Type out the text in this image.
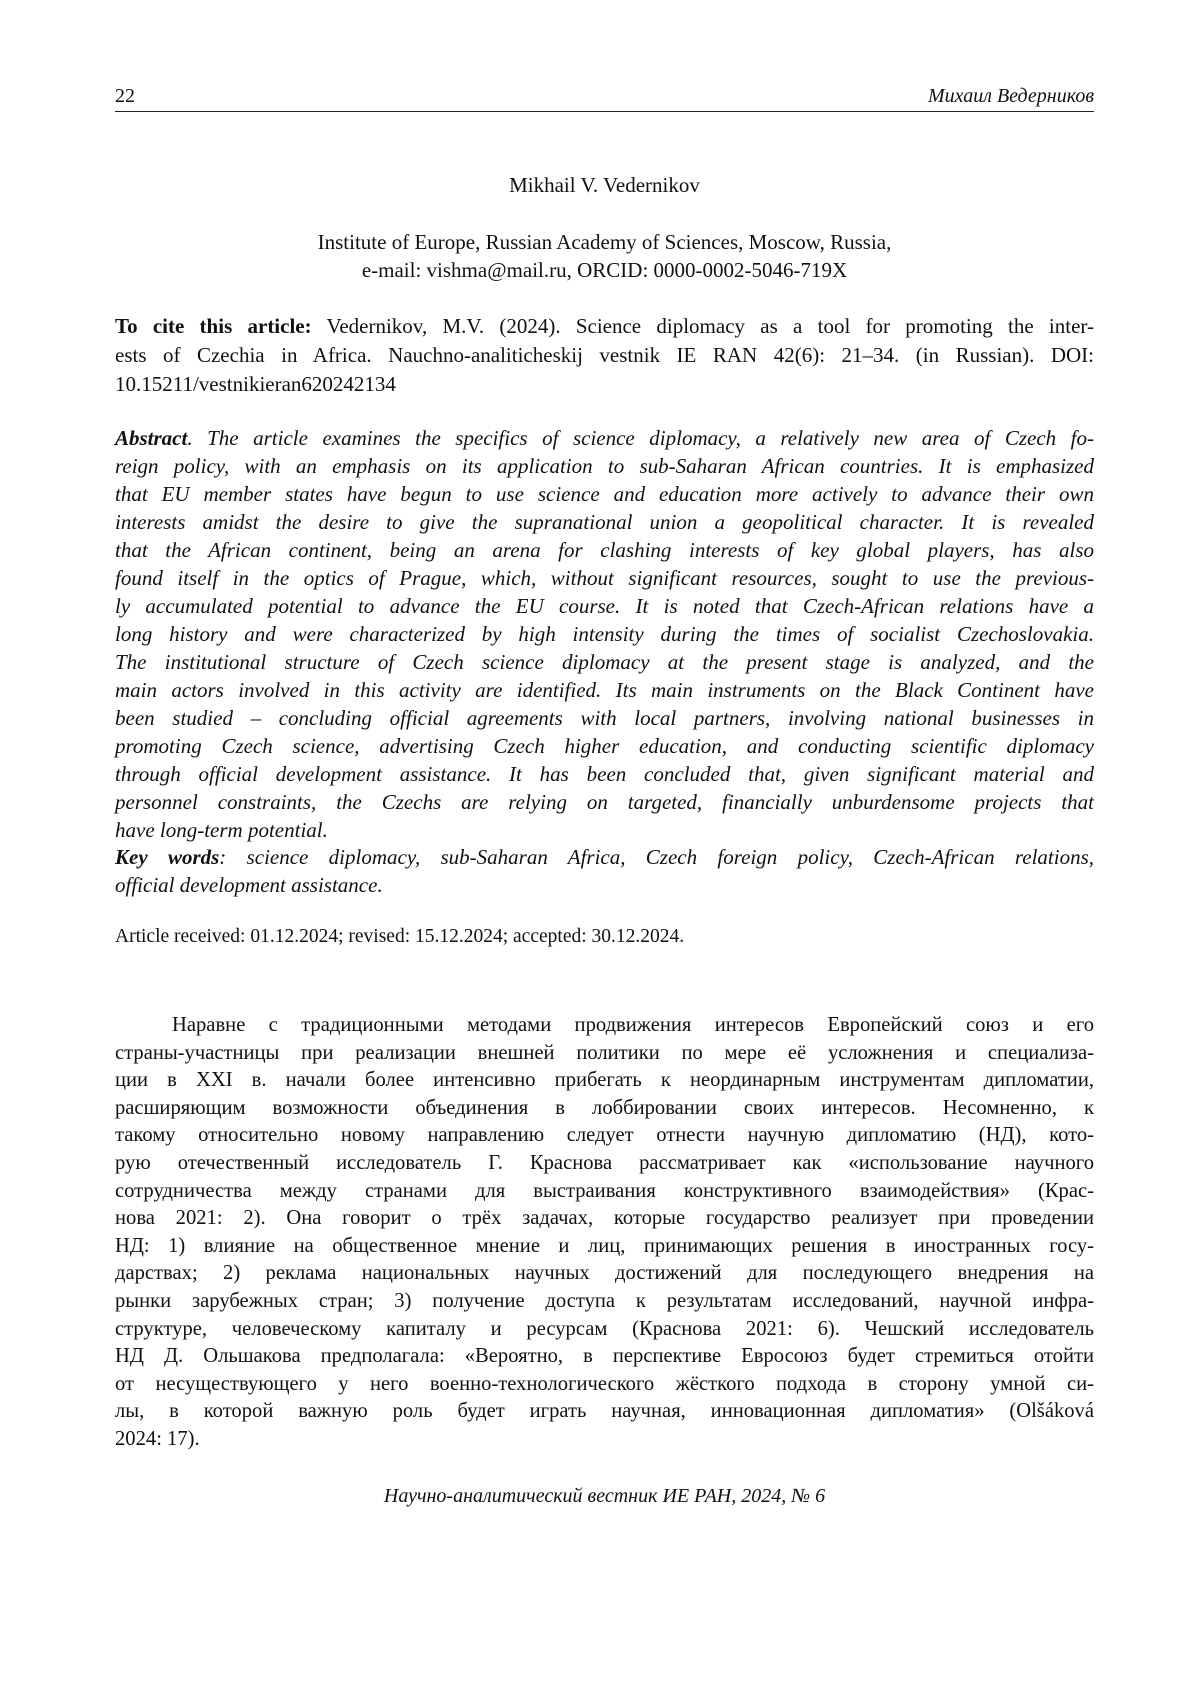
22	Михаил Ведерников
Mikhail V. Vedernikov
Institute of Europe, Russian Academy of Sciences, Moscow, Russia,
e-mail: vishma@mail.ru, ORCID: 0000-0002-5046-719X
To cite this article: Vedernikov, M.V. (2024). Science diplomacy as a tool for promoting the inter-
ests of Czechia in Africa. Nauchno-analiticheskij vestnik IE RAN 42(6): 21–34. (in Russian). DOI:
10.15211/vestnikieran620242134
Abstract. The article examines the specifics of science diplomacy, a relatively new area of Czech fo-
reign policy, with an emphasis on its application to sub-Saharan African countries. It is emphasized
that EU member states have begun to use science and education more actively to advance their own
interests amidst the desire to give the supranational union a geopolitical character. It is revealed
that the African continent, being an arena for clashing interests of key global players, has also
found itself in the optics of Prague, which, without significant resources, sought to use the previous-
ly accumulated potential to advance the EU course. It is noted that Czech-African relations have a
long history and were characterized by high intensity during the times of socialist Czechoslovakia.
The institutional structure of Czech science diplomacy at the present stage is analyzed, and the
main actors involved in this activity are identified. Its main instruments on the Black Continent have
been studied – concluding official agreements with local partners, involving national businesses in
promoting Czech science, advertising Czech higher education, and conducting scientific diplomacy
through official development assistance. It has been concluded that, given significant material and
personnel constraints, the Czechs are relying on targeted, financially unburdensome projects that
have long-term potential.
Key words: science diplomacy, sub-Saharan Africa, Czech foreign policy, Czech-African relations,
official development assistance.
Article received: 01.12.2024; revised: 15.12.2024; accepted: 30.12.2024.
Наравне с традиционными методами продвижения интересов Европейский союз и его
страны-участницы при реализации внешней политики по мере её усложнения и специализа-
ции в XXI в. начали более интенсивно прибегать к неординарным инструментам дипломатии,
расширяющим возможности объединения в лоббировании своих интересов. Несомненно, к
такому относительно новому направлению следует отнести научную дипломатию (НД), кото-
рую отечественный исследователь Г. Краснова рассматривает как «использование научного
сотрудничества между странами для выстраивания конструктивного взаимодействия» (Крас-
нова 2021: 2). Она говорит о трёх задачах, которые государство реализует при проведении
НД: 1) влияние на общественное мнение и лиц, принимающих решения в иностранных госу-
дарствах; 2) реклама национальных научных достижений для последующего внедрения на
рынки зарубежных стран; 3) получение доступа к результатам исследований, научной инфра-
структуре, человеческому капиталу и ресурсам (Краснова 2021: 6). Чешский исследователь
НД Д. Ольшакова предполагала: «Вероятно, в перспективе Евросоюз будет стремиться отойти
от несуществующего у него военно-технологического жёсткого подхода в сторону умной си-
лы, в которой важную роль будет играть научная, инновационная дипломатия» (Olšáková
2024: 17).
Научно-аналитический вестник ИЕ РАН, 2024, № 6
